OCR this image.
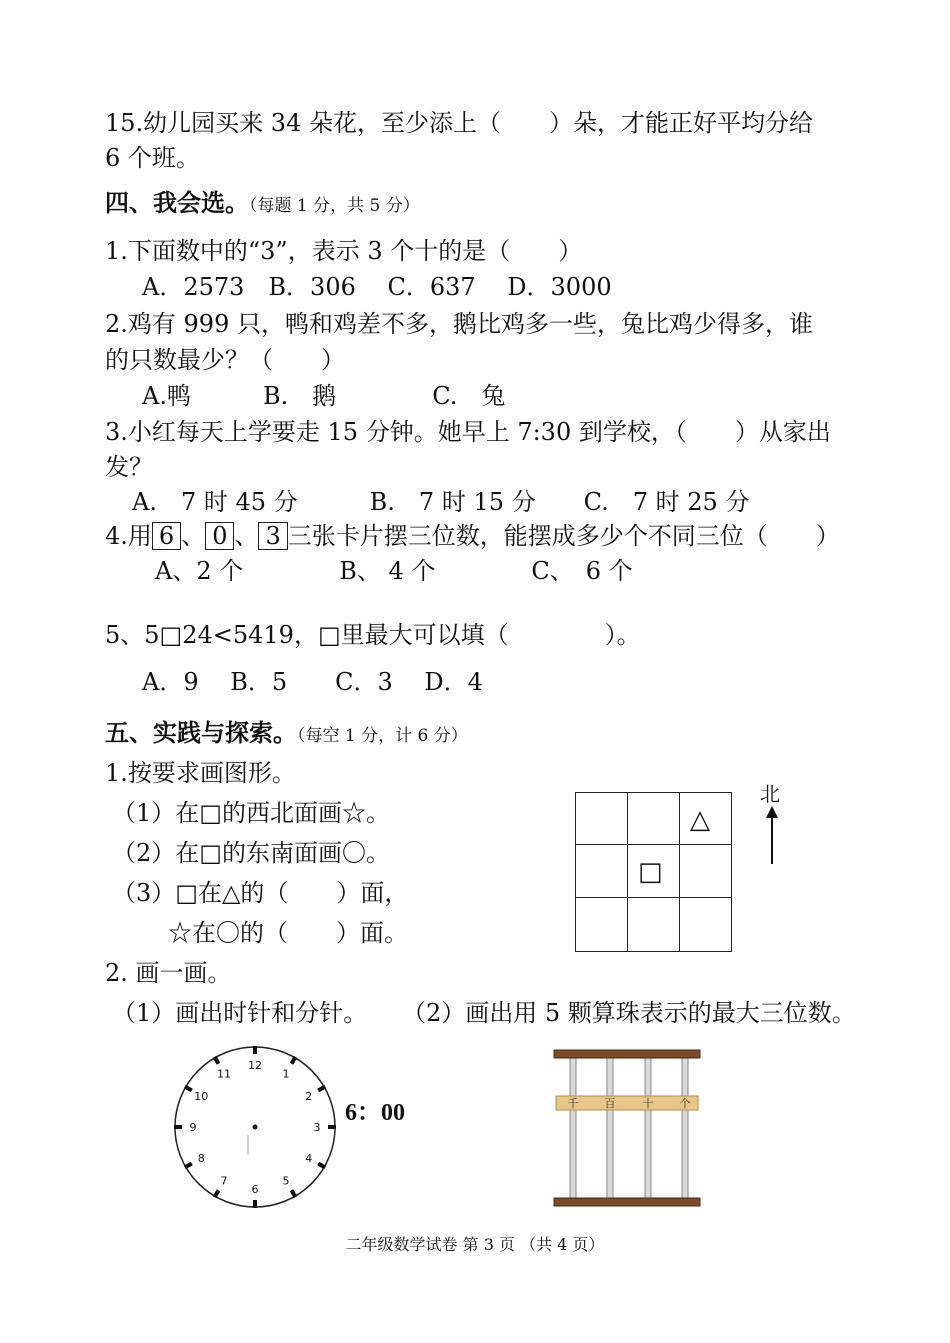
15.幼儿园买来 34 朵花，至少添上（　　）朵，才能正好平均分给
6 个班。
四、我会选。（每题 1 分，共 5 分）
1.下面数中的“3”，表示 3 个十的是（　　）
A．2573　B．306　 C．637　 D．3000
2.鸡有 999 只，鸭和鸡差不多，鹅比鸡多一些，兔比鸡少得多，谁
的只数最少？（　　）
A.鸭　　　B.　鹅　　　　C.　兔
3.小红每天上学要走 15 分钟。她早上 7:30 到学校，（　　）从家出
发？
A.　7 时 45 分　　　B.　7 时 15 分　　C.　7 时 25 分
4.用 6 、 0 、 3 三张卡片摆三位数，能摆成多少个不同三位（　　）
A、2 个　　　　B、 4 个　　　　C、　6 个
5、5□24<5419，□里最大可以填（　　　　）。
A．9　 B．5　　C．3　 D．4
五、实践与探索。（每空 1 分，计 6 分）
1.按要求画图形。
（1）在□的西北面画☆。
（2）在□的东南面画〇。
（3）□在△的（　　）面，
☆在〇的（　　）面。
△
□
北
2. 画一画。
（1）画出时针和分针。 （2）画出用 5 颗算珠表示的最大三位数。
12
1
2
3
4
5
6
7
8
9
10
11
6：00	千 百 十 个
二年级数学试卷 第 3 页 （共 4 页）
